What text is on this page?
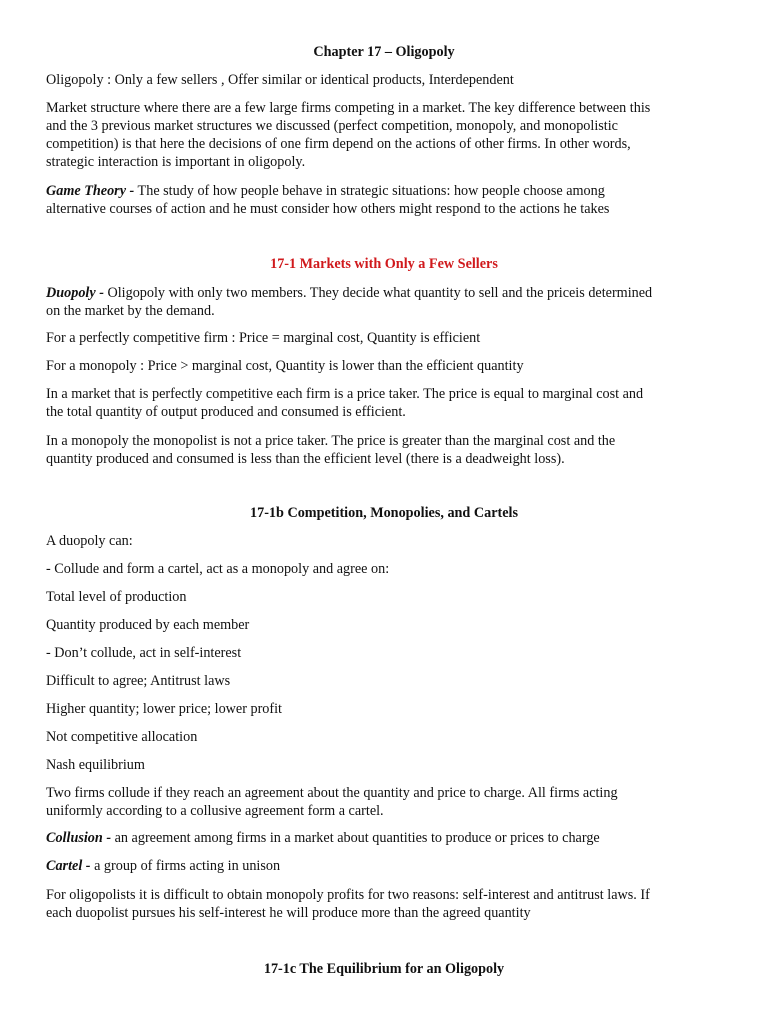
Chapter 17 – Oligopoly
Oligopoly : Only a few sellers , Offer similar or identical products, Interdependent
Market structure where there are a few large firms competing in a market. The key difference between this
and the 3 previous market structures we discussed (perfect competition, monopoly, and monopolistic
competition) is that here the decisions of one firm depend on the actions of other firms. In other words,
strategic interaction is important in oligopoly.
Game Theory - The study of how people behave in strategic situations: how people choose among
alternative courses of action and he must consider how others might respond to the actions he takes
17-1 Markets with Only a Few Sellers
Duopoly - Oligopoly with only two members. They decide what quantity to sell and the priceis determined
on the market by the demand.
For a perfectly competitive firm : Price = marginal cost, Quantity is efficient
For a monopoly : Price > marginal cost, Quantity is lower than the efficient quantity
In a market that is perfectly competitive each firm is a price taker. The price is equal to marginal cost and
the total quantity of output produced and consumed is efficient.
In a monopoly the monopolist is not a price taker. The price is greater than the marginal cost and the
quantity produced and consumed is less than the efficient level (there is a deadweight loss).
17-1b Competition, Monopolies, and Cartels
A duopoly can:
- Collude and form a cartel, act as a monopoly and agree on:
Total level of production
Quantity produced by each member
- Don’t collude, act in self-interest
Difficult to agree; Antitrust laws
Higher quantity; lower price; lower profit
Not competitive allocation
Nash equilibrium
Two firms collude if they reach an agreement about the quantity and price to charge. All firms acting
uniformly according to a collusive agreement form a cartel.
Collusion - an agreement among firms in a market about quantities to produce or prices to charge
Cartel - a group of firms acting in unison
For oligopolists it is difficult to obtain monopoly profits for two reasons: self-interest and antitrust laws. If
each duopolist pursues his self-interest he will produce more than the agreed quantity
17-1c The Equilibrium for an Oligopoly
